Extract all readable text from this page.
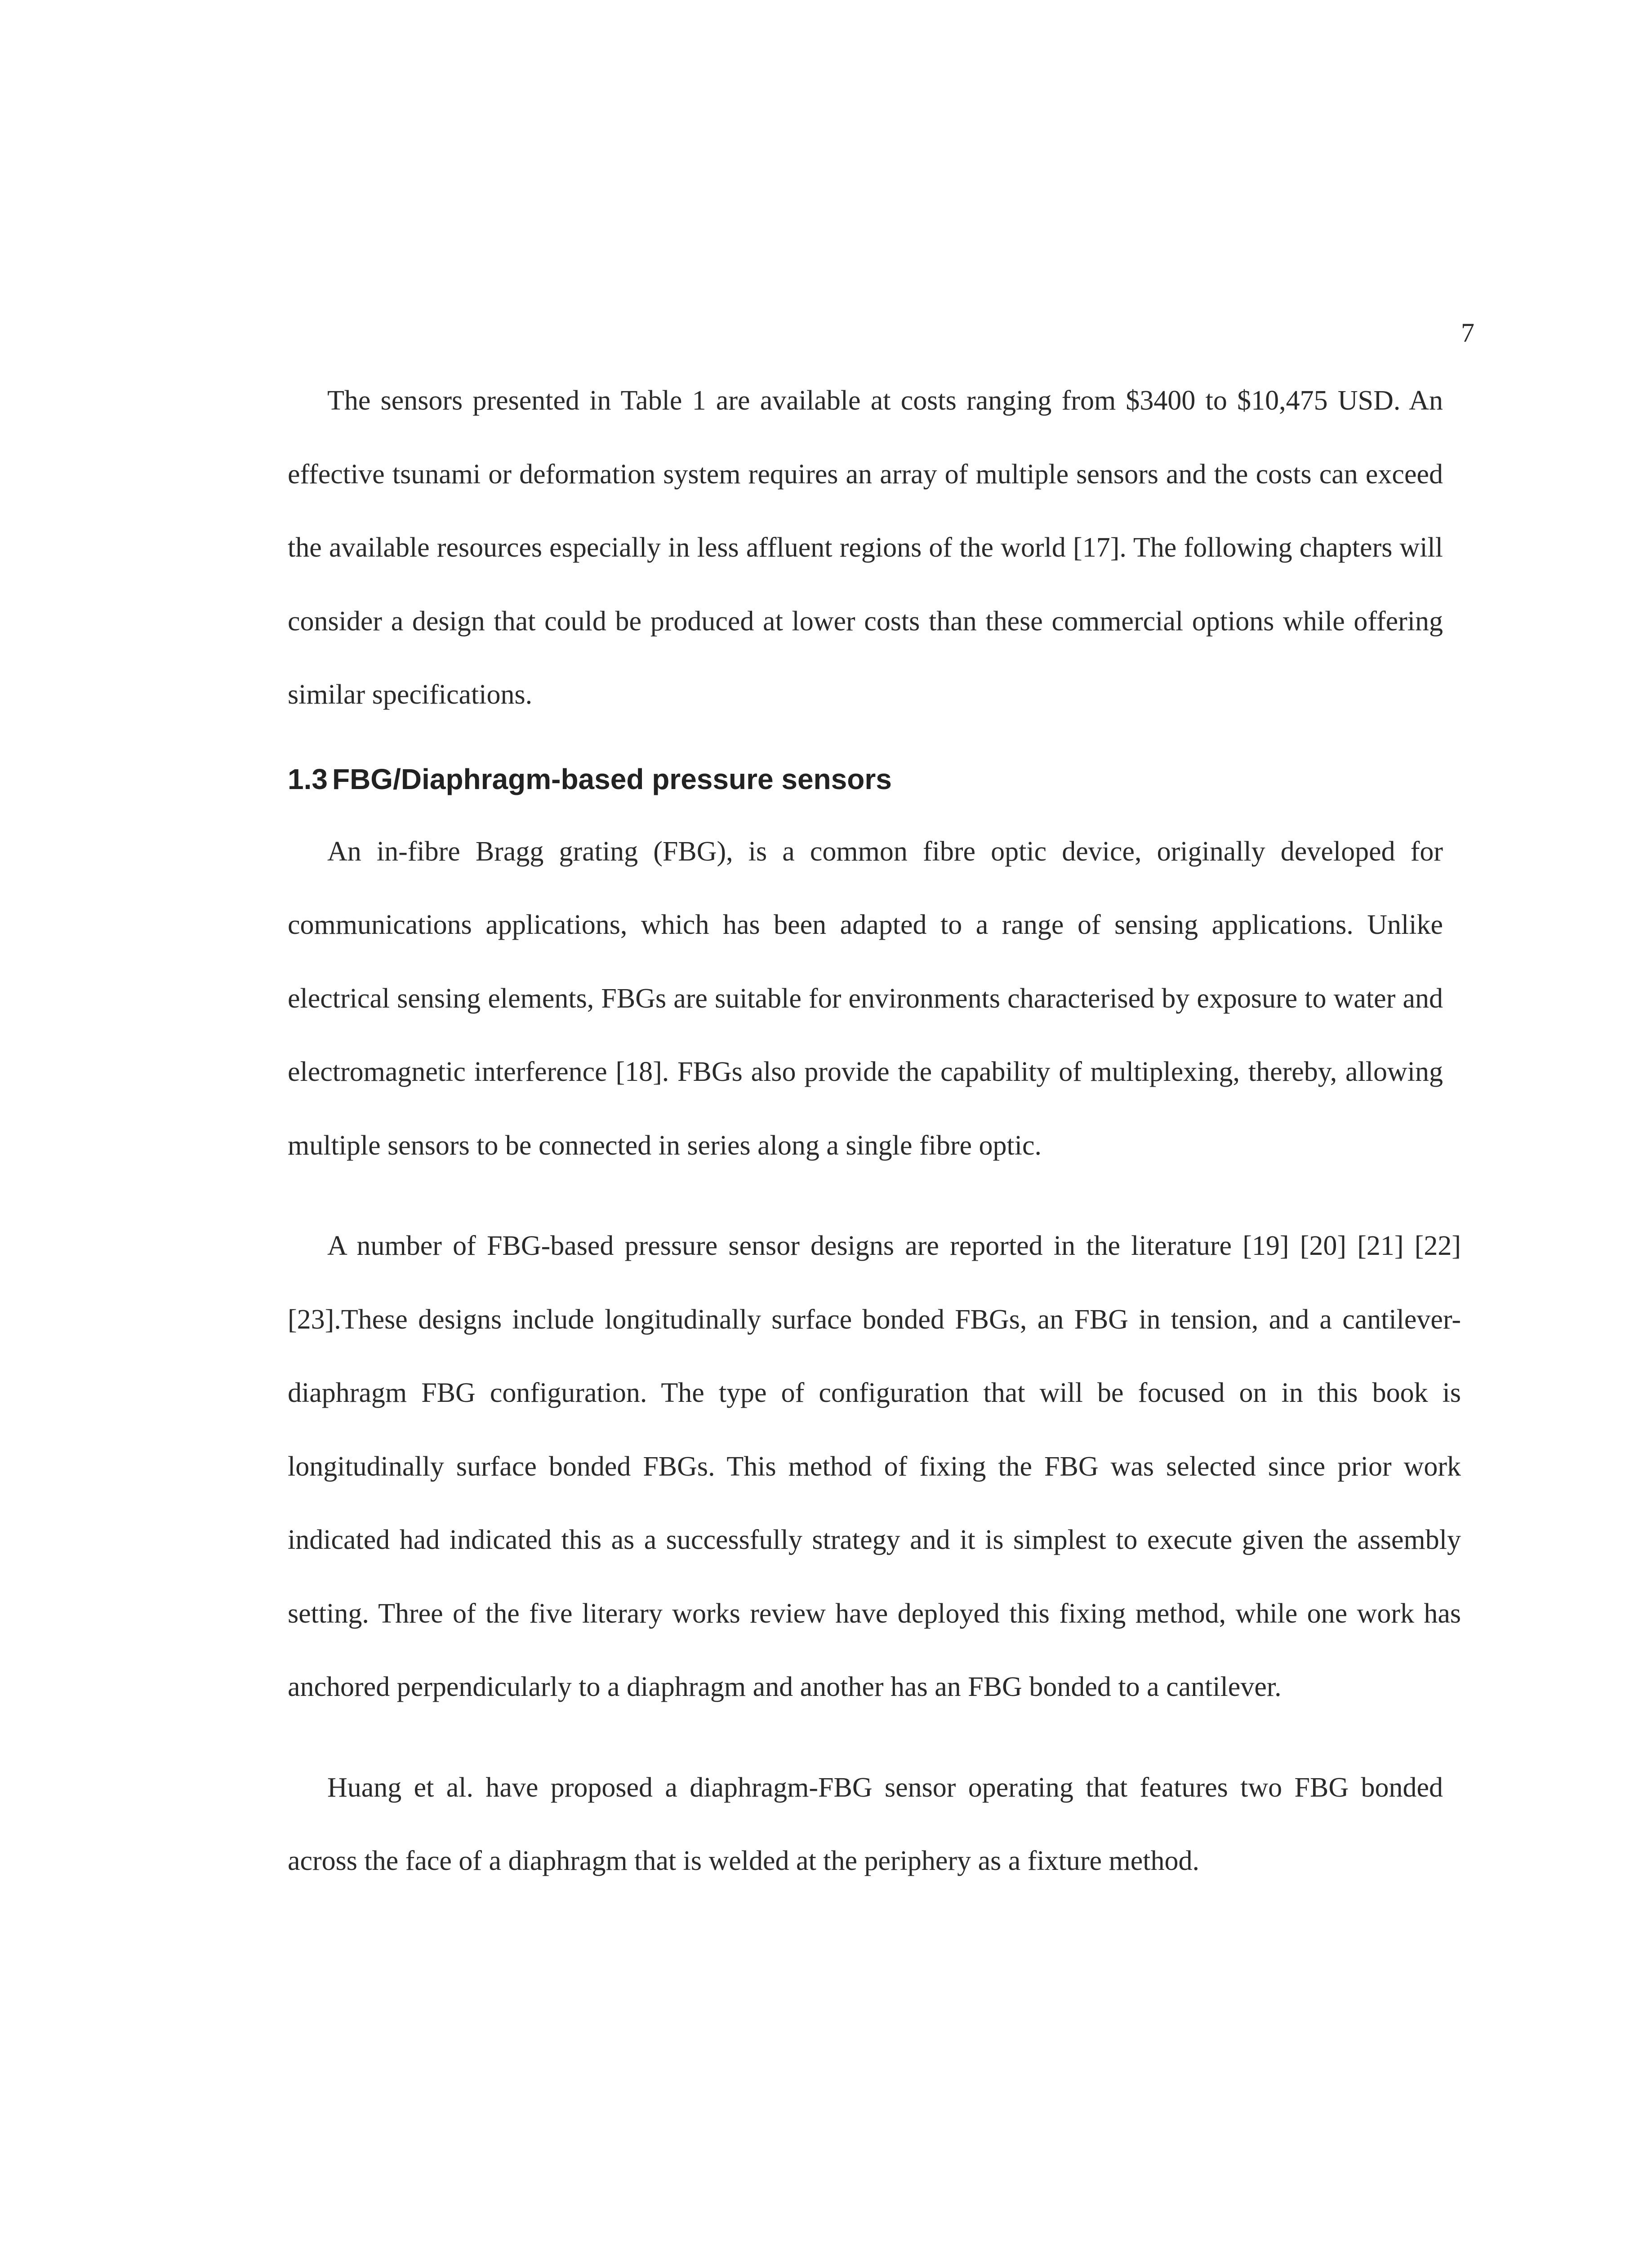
7

The sensors presented in Table 1 are available at costs ranging from $3400 to $10,475 USD. An effective tsunami or deformation system requires an array of multiple sensors and the costs can exceed the available resources especially in less affluent regions of the world [17]. The following chapters will consider a design that could be produced at lower costs than these commercial options while offering similar specifications.

1.3 FBG/Diaphragm-based pressure sensors

An in-fibre Bragg grating (FBG), is a common fibre optic device, originally developed for communications applications, which has been adapted to a range of sensing applications. Unlike electrical sensing elements, FBGs are suitable for environments characterised by exposure to water and electromagnetic interference [18]. FBGs also provide the capability of multiplexing, thereby, allowing multiple sensors to be connected in series along a single fibre optic.

A number of FBG-based pressure sensor designs are reported in the literature [19] [20] [21] [22] [23].These designs include longitudinally surface bonded FBGs, an FBG in tension, and a cantilever-diaphragm FBG configuration. The type of configuration that will be focused on in this book is longitudinally surface bonded FBGs. This method of fixing the FBG was selected since prior work indicated had indicated this as a successfully strategy and it is simplest to execute given the assembly setting. Three of the five literary works review have deployed this fixing method, while one work has anchored perpendicularly to a diaphragm and another has an FBG bonded to a cantilever.

Huang et al. have proposed a diaphragm-FBG sensor operating that features two FBG bonded across the face of a diaphragm that is welded at the periphery as a fixture method.
